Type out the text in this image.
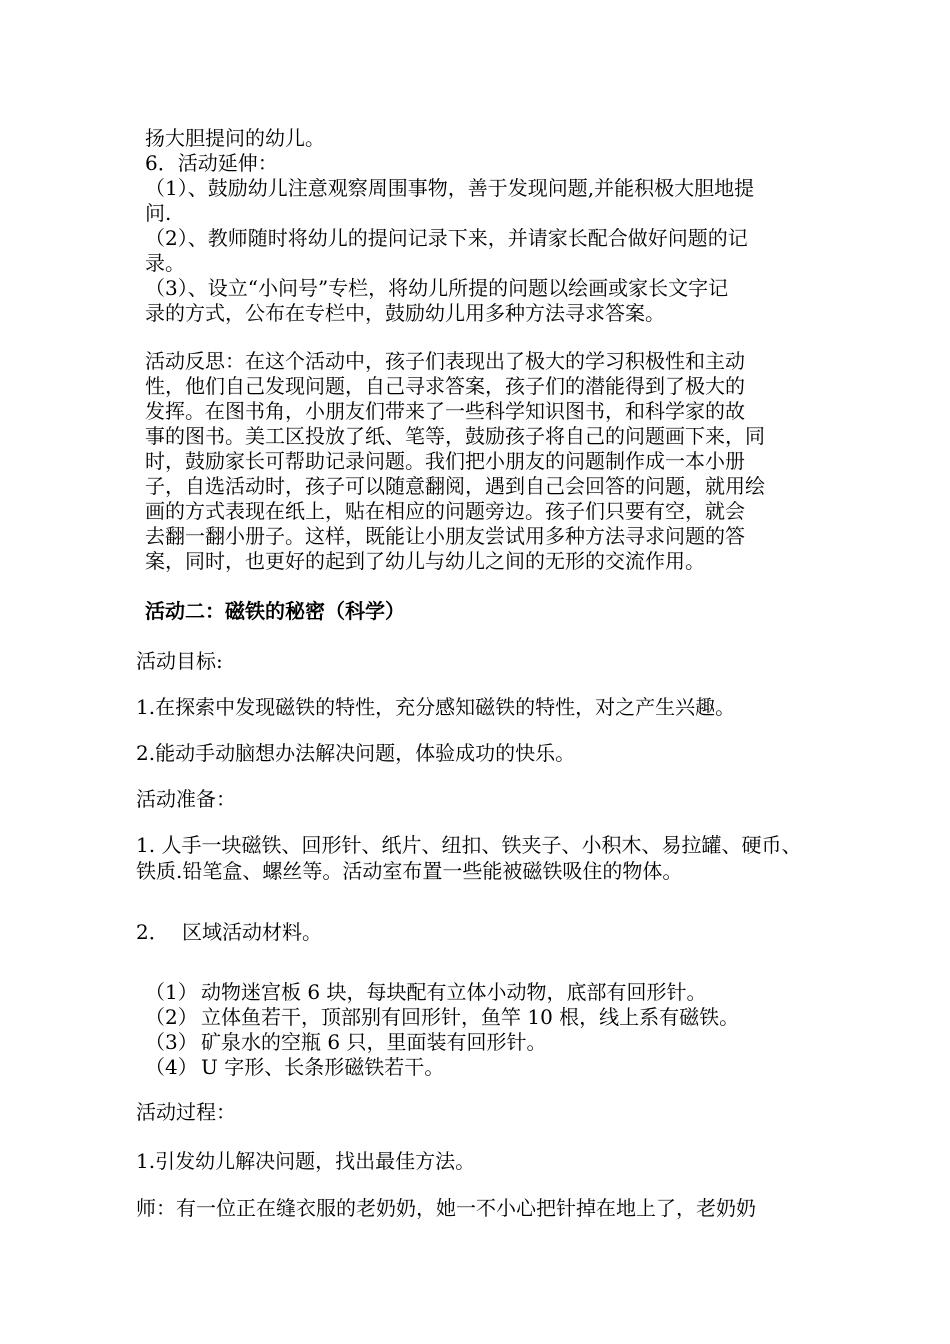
扬大胆提问的幼儿。
6．活动延伸：
（1）、鼓励幼儿注意观察周围事物，善于发现问题,并能积极大胆地提
问.
（2）、教师随时将幼儿的提问记录下来，并请家长配合做好问题的记
录。
（3）、设立“小问号”专栏，将幼儿所提的问题以绘画或家长文字记
录的方式，公布在专栏中，鼓励幼儿用多种方法寻求答案。
活动反思：在这个活动中，孩子们表现出了极大的学习积极性和主动
性，他们自己发现问题，自己寻求答案，孩子们的潜能得到了极大的
发挥。在图书角，小朋友们带来了一些科学知识图书，和科学家的故
事的图书。美工区投放了纸、笔等，鼓励孩子将自己的问题画下来，同
时，鼓励家长可帮助记录问题。我们把小朋友的问题制作成一本小册
子，自选活动时，孩子可以随意翻阅，遇到自己会回答的问题，就用绘
画的方式表现在纸上，贴在相应的问题旁边。孩子们只要有空，就会
去翻一翻小册子。这样，既能让小朋友尝试用多种方法寻求问题的答
案，同时，也更好的起到了幼儿与幼儿之间的无形的交流作用。
活动二：磁铁的秘密（科学）
活动目标:
1.在探索中发现磁铁的特性，充分感知磁铁的特性，对之产生兴趣。
2.能动手动脑想办法解决问题，体验成功的快乐。
活动准备：
1. 人手一块磁铁、回形针、纸片、纽扣、铁夹子、小积木、易拉罐、硬币、
铁质.铅笔盒、螺丝等。活动室布置一些能被磁铁吸住的物体。
2． 区域活动材料。
（1） 动物迷宫板 6 块，每块配有立体小动物，底部有回形针。
（2） 立体鱼若干，顶部别有回形针，鱼竿 10 根，线上系有磁铁。
（3） 矿泉水的空瓶 6 只，里面装有回形针。
（4） U 字形、长条形磁铁若干。
活动过程：
1.引发幼儿解决问题，找出最佳方法。
师：有一位正在缝衣服的老奶奶，她一不小心把针掉在地上了，老奶奶
